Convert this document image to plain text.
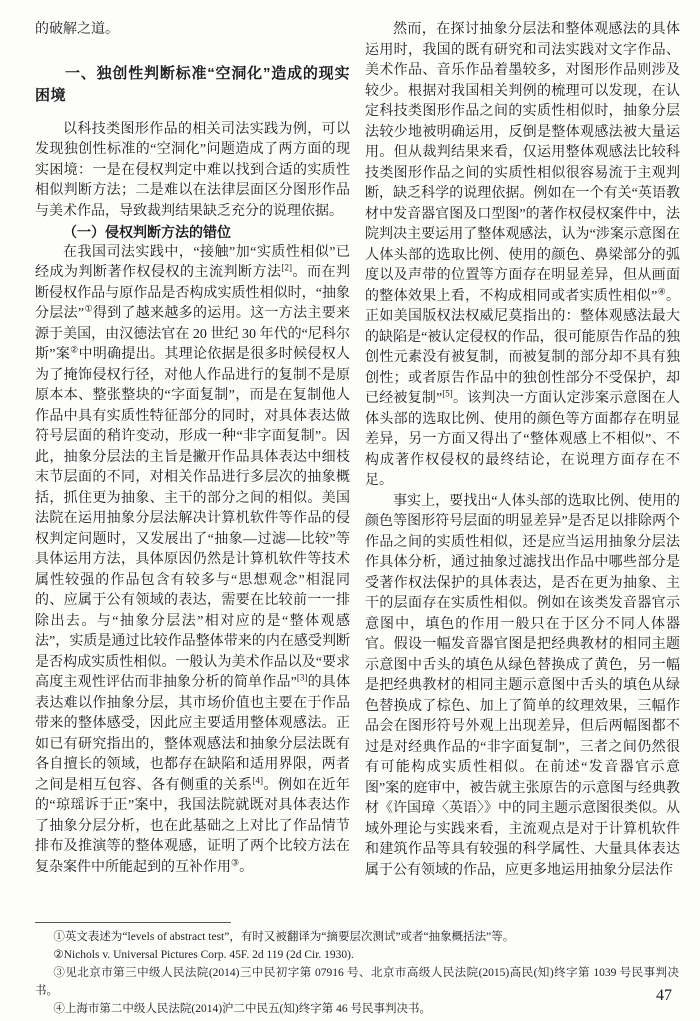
的破解之道。
一、独创性判断标准“空洞化”造成的现实困境
以科技类图形作品的相关司法实践为例，可以发现独创性标准的“空洞化”问题造成了两方面的现实困境：一是在侵权判定中难以找到合适的实质性相似判断方法；二是难以在法律层面区分图形作品与美术作品，导致裁判结果缺乏充分的说理依据。
（一）侵权判断方法的错位
在我国司法实践中，“接触”加“实质性相似”已经成为判断著作权侵权的主流判断方法[2]。而在判断侵权作品与原作品是否构成实质性相似时，“抽象分层法”①得到了越来越多的运用。这一方法主要来源于美国，由汉德法官在 20 世纪 30 年代的“尼科尔斯”案②中明确提出。其理论依据是很多时候侵权人为了掩饰侵权行径，对他人作品进行的复制不是原原本本、整张整块的“字面复制”，而是在复制他人作品中具有实质性特征部分的同时，对具体表达做符号层面的稍许变动，形成一种“非字面复制”。因此，抽象分层法的主旨是撇开作品具体表达中细枝末节层面的不同，对相关作品进行多层次的抽象概括，抓住更为抽象、主干的部分之间的相似。美国法院在运用抽象分层法解决计算机软件等作品的侵权判定问题时，又发展出了“抽象—过滤—比较”等具体运用方法，具体原因仍然是计算机软件等技术属性较强的作品包含有较多与“思想观念”相混同的、应属于公有领域的表达，需要在比较前一一排除出去。与“抽象分层法”相对应的是“整体观感法”，实质是通过比较作品整体带来的内在感受判断是否构成实质性相似。一般认为美术作品以及“要求高度主观性评估而非抽象分析的简单作品”[3]的具体表达难以作抽象分层，其市场价值也主要在于作品带来的整体感受，因此应主要适用整体观感法。正如已有研究指出的，整体观感法和抽象分层法既有各自擅长的领域，也都存在缺陷和适用界限，两者之间是相互包容、各有侧重的关系[4]。例如在近年的“琼瑶诉于正”案中，我国法院就既对具体表达作了抽象分层分析，也在此基础之上对比了作品情节排布及推演等的整体观感，证明了两个比较方法在复杂案件中所能起到的互补作用③。
然而，在探讨抽象分层法和整体观感法的具体运用时，我国的既有研究和司法实践对文字作品、美术作品、音乐作品着墨较多，对图形作品则涉及较少。根据对我国相关判例的梳理可以发现，在认定科技类图形作品之间的实质性相似时，抽象分层法较少地被明确运用，反倒是整体观感法被大量运用。但从裁判结果来看，仅运用整体观感法比较科技类图形作品之间的实质性相似很容易流于主观判断，缺乏科学的说理依据。例如在一个有关“英语教材中发音器官图及口型图”的著作权侵权案件中，法院判决主要运用了整体观感法，认为“涉案示意图在人体头部的选取比例、使用的颜色、鼻梁部分的弧度以及声带的位置等方面存在明显差异，但从画面的整体效果上看，不构成相同或者实质性相似”④。正如美国版权法权威尼莫指出的：整体观感法最大的缺陷是“被认定侵权的作品，很可能原告作品的独创性元素没有被复制，而被复制的部分却不具有独创性；或者原告作品中的独创性部分不受保护，却已经被复制”[5]。该判决一方面认定涉案示意图在人体头部的选取比例、使用的颜色等方面都存在明显差异，另一方面又得出了“整体观感上不相似”、不构成著作权侵权的最终结论，在说理方面存在不足。
事实上，要找出“人体头部的选取比例、使用的颜色等图形符号层面的明显差异”是否足以排除两个作品之间的实质性相似，还是应当运用抽象分层法作具体分析，通过抽象过滤找出作品中哪些部分是受著作权法保护的具体表达，是否在更为抽象、主干的层面存在实质性相似。例如在该类发音器官示意图中，填色的作用一般只在于区分不同人体器官。假设一幅发音器官图是把经典教材的相同主题示意图中舌头的填色从绿色替换成了黄色，另一幅是把经典教材的相同主题示意图中舌头的填色从绿色替换成了棕色、加上了简单的纹理效果，三幅作品会在图形符号外观上出现差异，但后两幅图都不过是对经典作品的“非字面复制”，三者之间仍然很有可能构成实质性相似。在前述“发音器官示意图”案的庭审中，被告就主张原告的示意图与经典教材《许国璋〈英语〉》中的同主题示意图很类似。从域外理论与实践来看，主流观点是对于计算机软件和建筑作品等具有较强的科学属性、大量具体表达属于公有领域的作品，应更多地运用抽象分层法作
①英文表述为“levels of abstract test”，有时又被翻译为“摘要层次测试”或者“抽象概括法”等。
②Nichols v. Universal Pictures Corp. 45F. 2d 119 (2d Cir. 1930).
③见北京市第三中级人民法院(2014)三中民初字第 07916 号、北京市高级人民法院(2015)高民(知)终字第 1039 号民事判决书。
④上海市第二中级人民法院(2014)沪二中民五(知)终字第 46 号民事判决书。
47
